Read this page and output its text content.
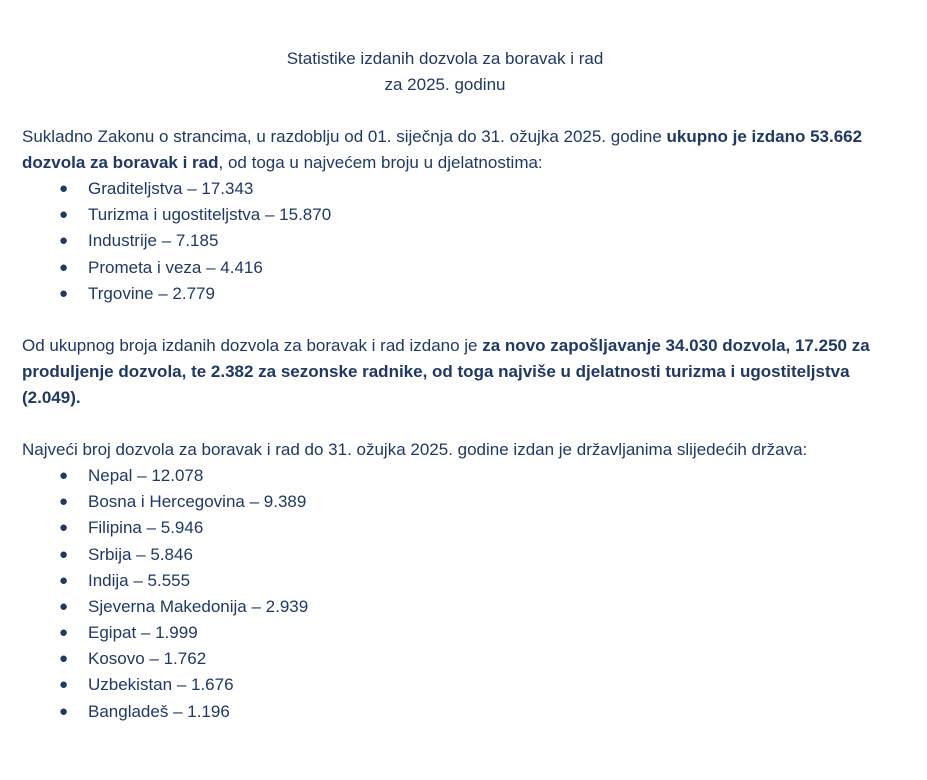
Statistike izdanih dozvola za boravak i rad
za 2025. godinu

Sukladno Zakonu o strancima, u razdoblju od 01. siječnja do 31. ožujka 2025. godine ukupno je izdano 53.662 dozvola za boravak i rad, od toga u najvećem broju u djelatnostima:

● Graditeljstva – 17.343
● Turizma i ugostiteljstva – 15.870
● Industrije – 7.185
● Prometa i veza – 4.416
● Trgovine – 2.779

Od ukupnog broja izdanih dozvola za boravak i rad izdano je za novo zapošljavanje 34.030 dozvola, 17.250 za produljenje dozvola, te 2.382 za sezonske radnike, od toga najviše u djelatnosti turizma i ugostiteljstva (2.049).

Najveći broj dozvola za boravak i rad do 31. ožujka 2025. godine izdan je državljanima slijedećih država:

● Nepal – 12.078
● Bosna i Hercegovina – 9.389
● Filipina – 5.946
● Srbija – 5.846
● Indija – 5.555
● Sjeverna Makedonija – 2.939
● Egipat – 1.999
● Kosovo – 1.762
● Uzbekistan – 1.676
● Bangladeš – 1.196
